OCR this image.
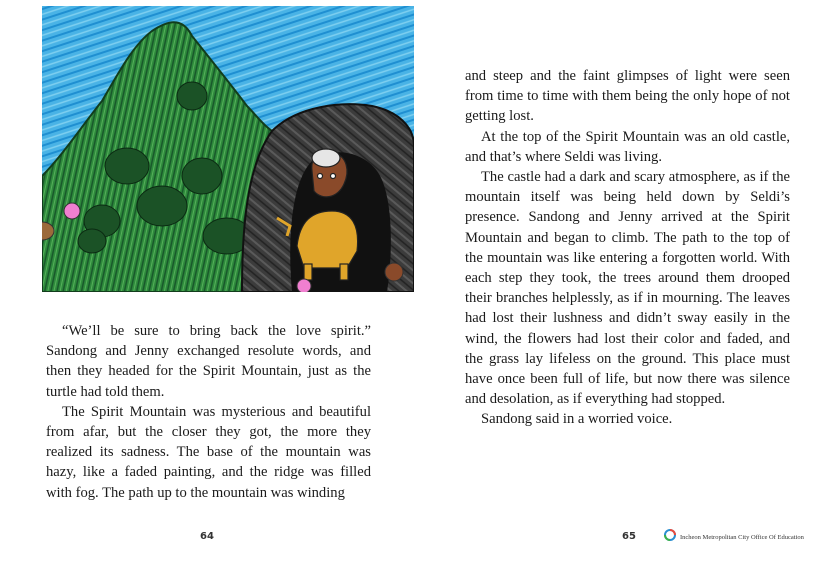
“We’ll be sure to bring back the love spirit.” Sandong and Jenny exchanged resolute words, and then they headed for the Spirit Mountain, just as the turtle had told them.

The Spirit Mountain was mysterious and beautiful from afar, but the closer they got, the more they realized its sadness. The base of the mountain was hazy, like a faded painting, and the ridge was filled with fog. The path up to the mountain was winding

64

and steep and the faint glimpses of light were seen from time to time with them being the only hope of not getting lost.

At the top of the Spirit Mountain was an old castle, and that’s where Seldi was living.

The castle had a dark and scary atmosphere, as if the mountain itself was being held down by Seldi’s presence. Sandong and Jenny arrived at the Spirit Mountain and began to climb. The path to the top of the mountain was like entering a forgotten world. With each step they took, the trees around them drooped their branches helplessly, as if in mourning. The leaves had lost their lushness and didn’t sway easily in the wind, the flowers had lost their color and faded, and the grass lay lifeless on the ground. This place must have once been full of life, but now there was silence and desolation, as if everything had stopped.

Sandong said in a worried voice.

65	Incheon Metropolitan City Office Of Education
